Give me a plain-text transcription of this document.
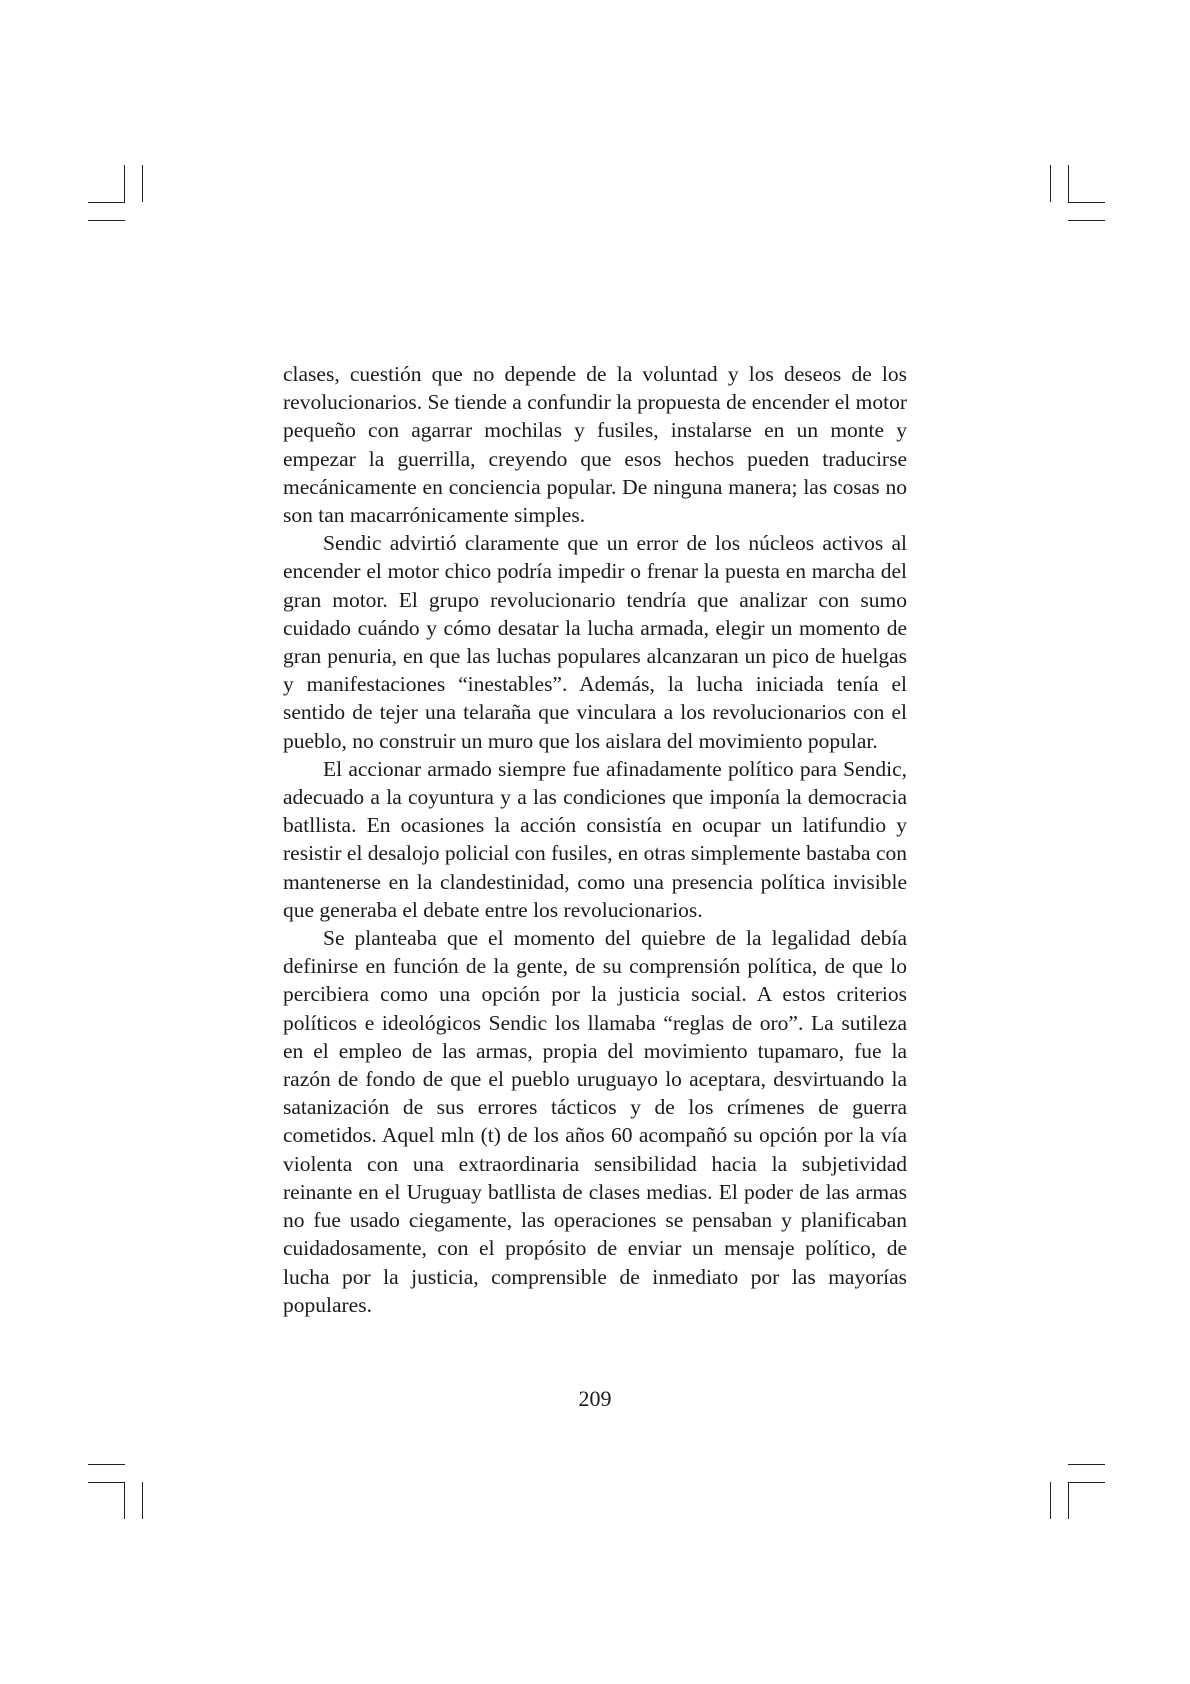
clases, cuestión que no depende de la voluntad y los deseos de los revolucionarios. Se tiende a confundir la propuesta de encender el motor pequeño con agarrar mochilas y fusiles, instalarse en un monte y empezar la guerrilla, creyendo que esos hechos pueden traducirse mecánicamente en conciencia popular. De ninguna manera; las cosas no son tan macarrónicamente simples.

Sendic advirtió claramente que un error de los núcleos activos al encender el motor chico podría impedir o frenar la puesta en marcha del gran motor. El grupo revolucionario tendría que analizar con sumo cuidado cuándo y cómo desatar la lucha armada, elegir un momento de gran penuria, en que las luchas populares alcanzaran un pico de huelgas y manifestaciones “inestables”. Además, la lucha iniciada tenía el sentido de tejer una telaraña que vinculara a los revolucionarios con el pueblo, no construir un muro que los aislara del movimiento popular.

El accionar armado siempre fue afinadamente político para Sendic, adecuado a la coyuntura y a las condiciones que imponía la democracia batllista. En ocasiones la acción consistía en ocupar un latifundio y resistir el desalojo policial con fusiles, en otras simplemente bastaba con mantenerse en la clandestinidad, como una presencia política invisible que generaba el debate entre los revolucionarios.

Se planteaba que el momento del quiebre de la legalidad debía definirse en función de la gente, de su comprensión política, de que lo percibiera como una opción por la justicia social. A estos criterios políticos e ideológicos Sendic los llamaba “reglas de oro”. La sutileza en el empleo de las armas, propia del movimiento tupamaro, fue la razón de fondo de que el pueblo uruguayo lo aceptara, desvirtuando la satanización de sus errores tácticos y de los crímenes de guerra cometidos. Aquel mln (t) de los años 60 acompañó su opción por la vía violenta con una extraordinaria sensibilidad hacia la subjetividad reinante en el Uruguay batllista de clases medias. El poder de las armas no fue usado ciegamente, las operaciones se pensaban y planificaban cuidadosamente, con el propósito de enviar un mensaje político, de lucha por la justicia, comprensible de inmediato por las mayorías populares.

209
